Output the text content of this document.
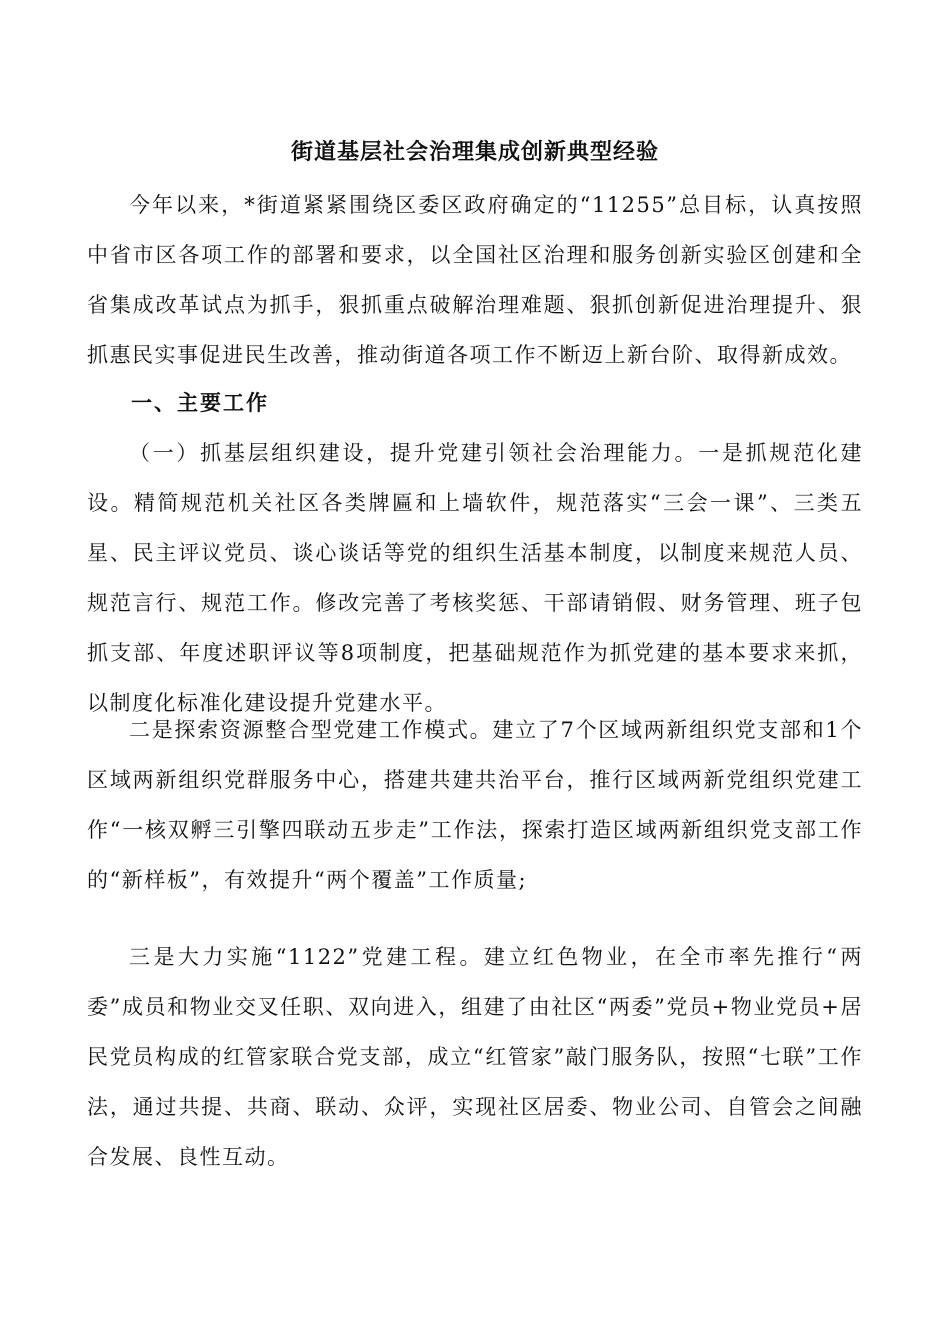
街道基层社会治理集成创新典型经验

今年以来，*街道紧紧围绕区委区政府确定的“11255”总目标，认真按照中省市区各项工作的部署和要求，以全国社区治理和服务创新实验区创建和全省集成改革试点为抓手，狠抓重点破解治理难题、狠抓创新促进治理提升、狠抓惠民实事促进民生改善，推动街道各项工作不断迈上新台阶、取得新成效。

一、主要工作

（一）抓基层组织建设，提升党建引领社会治理能力。一是抓规范化建设。精简规范机关社区各类牌匾和上墙软件，规范落实“三会一课”、三类五星、民主评议党员、谈心谈话等党的组织生活基本制度，以制度来规范人员、规范言行、规范工作。修改完善了考核奖惩、干部请销假、财务管理、班子包抓支部、年度述职评议等8项制度，把基础规范作为抓党建的基本要求来抓，以制度化标准化建设提升党建水平。

二是探索资源整合型党建工作模式。建立了7个区域两新组织党支部和1个区域两新组织党群服务中心，搭建共建共治平台，推行区域两新党组织党建工作“一核双孵三引擎四联动五步走”工作法，探索打造区域两新组织党支部工作的“新样板”，有效提升“两个覆盖”工作质量;

三是大力实施“1122”党建工程。建立红色物业，在全市率先推行“两委”成员和物业交叉任职、双向进入，组建了由社区“两委”党员+物业党员+居民党员构成的红管家联合党支部，成立“红管家”敲门服务队，按照“七联”工作法，通过共提、共商、联动、众评，实现社区居委、物业公司、自管会之间融合发展、良性互动。
